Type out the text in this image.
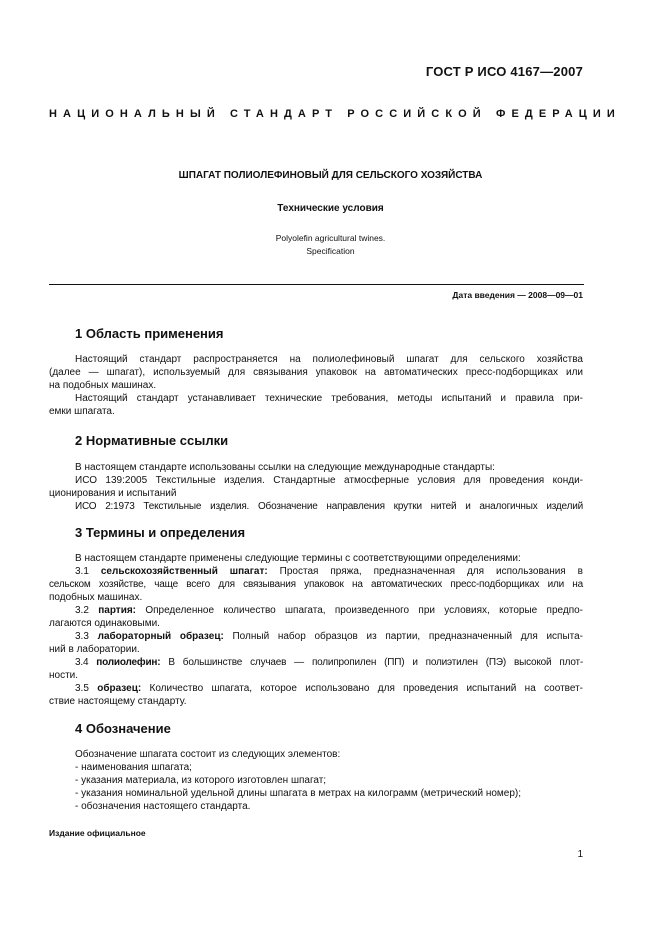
ГОСТ Р ИСО 4167—2007
НАЦИОНАЛЬНЫЙ СТАНДАРТ РОССИЙСКОЙ ФЕДЕРАЦИИ
ШПАГАТ ПОЛИОЛЕФИНОВЫЙ ДЛЯ СЕЛЬСКОГО ХОЗЯЙСТВА
Технические условия
Polyolefin agricultural twines.
Specification
Дата введения — 2008—09—01
1 Область применения
Настоящий стандарт распространяется на полиолефиновый шпагат для сельского хозяйства
(далее — шпагат), используемый для связывания упаковок на автоматических пресс-подборщиках или
на подобных машинах.
Настоящий стандарт устанавливает технические требования, методы испытаний и правила при-
емки шпагата.
2 Нормативные ссылки
В настоящем стандарте использованы ссылки на следующие международные стандарты:
ИСО 139:2005 Текстильные изделия. Стандартные атмосферные условия для проведения конди-
ционирования и испытаний
ИСО 2:1973 Текстильные изделия. Обозначение направления крутки нитей и аналогичных изделий
3 Термины и определения
В настоящем стандарте применены следующие термины с соответствующими определениями:
3.1 сельскохозяйственный шпагат: Простая пряжа, предназначенная для использования в
сельском хозяйстве, чаще всего для связывания упаковок на автоматических пресс-подборщиках или на
подобных машинах.
3.2 партия: Определенное количество шпагата, произведенного при условиях, которые предпо-
лагаются одинаковыми.
3.3 лабораторный образец: Полный набор образцов из партии, предназначенный для испыта-
ний в лаборатории.
3.4 полиолефин: В большинстве случаев — полипропилен (ПП) и полиэтилен (ПЭ) высокой плот-
ности.
3.5 образец: Количество шпагата, которое использовано для проведения испытаний на соответ-
ствие настоящему стандарту.
4 Обозначение
Обозначение шпагата состоит из следующих элементов:
- наименования шпагата;
- указания материала, из которого изготовлен шпагат;
- указания номинальной удельной длины шпагата в метрах на килограмм (метрический номер);
- обозначения настоящего стандарта.
Издание официальное
1
